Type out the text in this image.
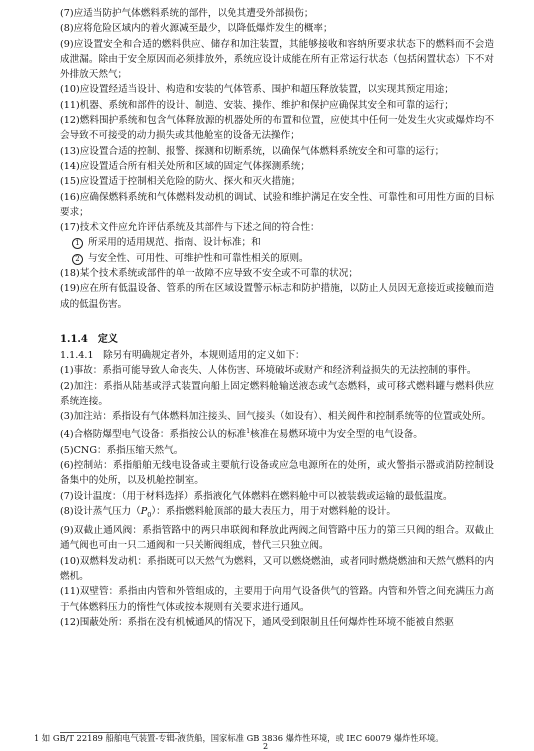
(7)应适当防护气体燃料系统的部件，以免其遭受外部损伤；

(8)应将危险区域内的着火源减至最少，以降低爆炸发生的概率；

(9)应设置安全和合适的燃料供应、储存和加注装置，其能够接收和容纳所要求状态下的燃料而不会造成泄漏。除由于安全原因而必须排放外，系统应设计成能在所有正常运行状态（包括闲置状态）下不对外排放天然气；

(10)应设置经适当设计、构造和安装的气体管系、围护和超压释放装置，以实现其预定用途；

(11)机器、系统和部件的设计、制造、安装、操作、维护和保护应确保其安全和可靠的运行；

(12)燃料围护系统和包含气体释放源的机器处所的布置和位置，应使其中任何一处发生火灾或爆炸均不会导致不可接受的动力损失或其他舱室的设备无法操作；

(13)应设置合适的控制、报警、探测和切断系统，以确保气体燃料系统安全和可靠的运行；

(14)应设置适合所有相关处所和区域的固定气体探测系统；

(15)应设置适于控制相关危险的防火、探火和灭火措施；

(16)应确保燃料系统和气体燃料发动机的调试、试验和维护满足在安全性、可靠性和可用性方面的目标要求；

(17)技术文件应允许评估系统及其部件与下述之间的符合性：

1 所采用的适用规范、指南、设计标准；和

2 与安全性、可用性、可维护性和可靠性相关的原则。

(18)某个技术系统或部件的单一故障不应导致不安全或不可靠的状况；

(19)应在所有低温设备、管系的所在区域设置警示标志和防护措施，以防止人员因无意接近或接触而造成的低温伤害。

1.1.4 定义

1.1.4.1　除另有明确规定者外，本规则适用的定义如下：

(1)事故：系指可能导致人命丧失、人体伤害、环境破坏或财产和经济利益损失的无法控制的事件。

(2)加注：系指从陆基或浮式装置向船上固定燃料舱输送液态或气态燃料，或可移式燃料罐与燃料供应系统连接。

(3)加注站：系指设有气体燃料加注接头、回气接头（如设有）、相关阀件和控制系统等的位置或处所。

(4)合格防爆型电气设备：系指按公认的标准$^1$核准在易燃环境中为安全型的电气设备。

(5)CNG：系指压缩天然气。

(6)控制站：系指船舶无线电设备或主要航行设备或应急电源所在的处所，或火警指示器或消防控制设备集中的处所，以及机舱控制室。

(7)设计温度：（用于材料选择）系指液化气体燃料在燃料舱中可以被装载或运输的最低温度。

(8)设计蒸气压力$(P_0)$：系指燃料舱顶部的最大表压力，用于对燃料舱的设计。

(9)双截止通风阀：系指管路中的两只串联阀和释放此两阀之间管路中压力的第三只阀的组合。双截止通气阀也可由一只二通阀和一只关断阀组成，替代三只独立阀。

(10)双燃料发动机：系指既可以天然气为燃料，又可以燃烧燃油，或者同时燃烧燃油和天然气燃料的内燃机。

(11)双壁管：系指由内管和外管组成的，主要用于向用气设备供气的管路。内管和外管之间充满压力高于气体燃料压力的惰性气体或按本规则有关要求进行通风。

(12)围蔽处所：系指在没有机械通风的情况下，通风受到限制且任何爆炸性环境不能被自然驱

1 如 GB/T 22189 船舶电气装置-专辑-液货船，国家标准 GB 3836 爆炸性环境，或 IEC 60079 爆炸性环境。
2
